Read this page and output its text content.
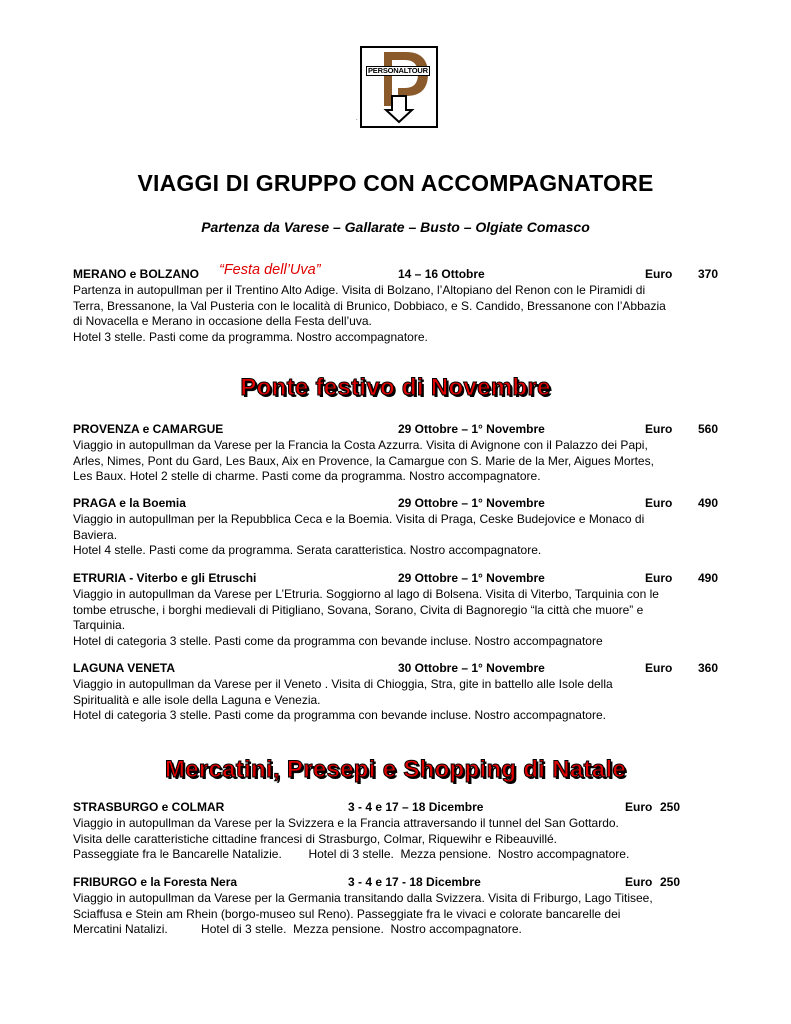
PERSONALTOUR
.
VIAGGI DI GRUPPO CON ACCOMPAGNATORE
Partenza da Varese – Gallarate – Busto – Olgiate Comasco
MERANO e BOLZANO “Festa dell’Uva”	14 – 16 Ottobre	Euro 370
Partenza in autopullman per il Trentino Alto Adige. Visita di Bolzano, l’Altopiano del Renon con le Piramidi di
Terra, Bressanone, la Val Pusteria con le località di Brunico, Dobbiaco, e S. Candido, Bressanone con l’Abbazia
di Novacella e Merano in occasione della Festa dell’uva.
Hotel 3 stelle. Pasti come da programma. Nostro accompagnatore.
Ponte festivo di Novembre
PROVENZA e CAMARGUE	29 Ottobre – 1° Novembre	Euro 560
Viaggio in autopullman da Varese per la Francia la Costa Azzurra. Visita di Avignone con il Palazzo dei Papi,
Arles, Nimes, Pont du Gard, Les Baux, Aix en Provence, la Camargue con S. Marie de la Mer, Aigues Mortes,
Les Baux. Hotel 2 stelle di charme. Pasti come da programma. Nostro accompagnatore.
PRAGA e la Boemia	29 Ottobre – 1° Novembre	Euro 490
Viaggio in autopullman per la Repubblica Ceca e la Boemia. Visita di Praga, Ceske Budejovice e Monaco di
Baviera.
Hotel 4 stelle. Pasti come da programma. Serata caratteristica. Nostro accompagnatore.
ETRURIA - Viterbo e gli Etruschi	29 Ottobre – 1° Novembre	Euro 490
Viaggio in autopullman da Varese per L’Etruria. Soggiorno al lago di Bolsena. Visita di Viterbo, Tarquinia con le
tombe etrusche, i borghi medievali di Pitigliano, Sovana, Sorano, Civita di Bagnoregio “la città che muore” e
Tarquinia.
Hotel di categoria 3 stelle. Pasti come da programma con bevande incluse. Nostro accompagnatore
LAGUNA VENETA	30 Ottobre – 1° Novembre	Euro 360
Viaggio in autopullman da Varese per il Veneto . Visita di Chioggia, Stra, gite in battello alle Isole della
Spiritualità e alle isole della Laguna e Venezia.
Hotel di categoria 3 stelle. Pasti come da programma con bevande incluse. Nostro accompagnatore.
Mercatini, Presepi e Shopping di Natale
STRASBURGO e COLMAR	3 - 4 e 17 – 18 Dicembre	Euro 250
Viaggio in autopullman da Varese per la Svizzera e la Francia attraversando il tunnel del San Gottardo.
Visita delle caratteristiche cittadine francesi di Strasburgo, Colmar, Riquewihr e Ribeauvillé.
Passeggiate fra le Bancarelle Natalizie.        Hotel di 3 stelle.  Mezza pensione.  Nostro accompagnatore.
FRIBURGO e la Foresta Nera	3 - 4 e 17 - 18 Dicembre	Euro 250
Viaggio in autopullman da Varese per la Germania transitando dalla Svizzera. Visita di Friburgo, Lago Titisee,
Sciaffusa e Stein am Rhein (borgo-museo sul Reno). Passeggiate fra le vivaci e colorate bancarelle dei
Mercatini Natalizi.          Hotel di 3 stelle.  Mezza pensione.  Nostro accompagnatore.
